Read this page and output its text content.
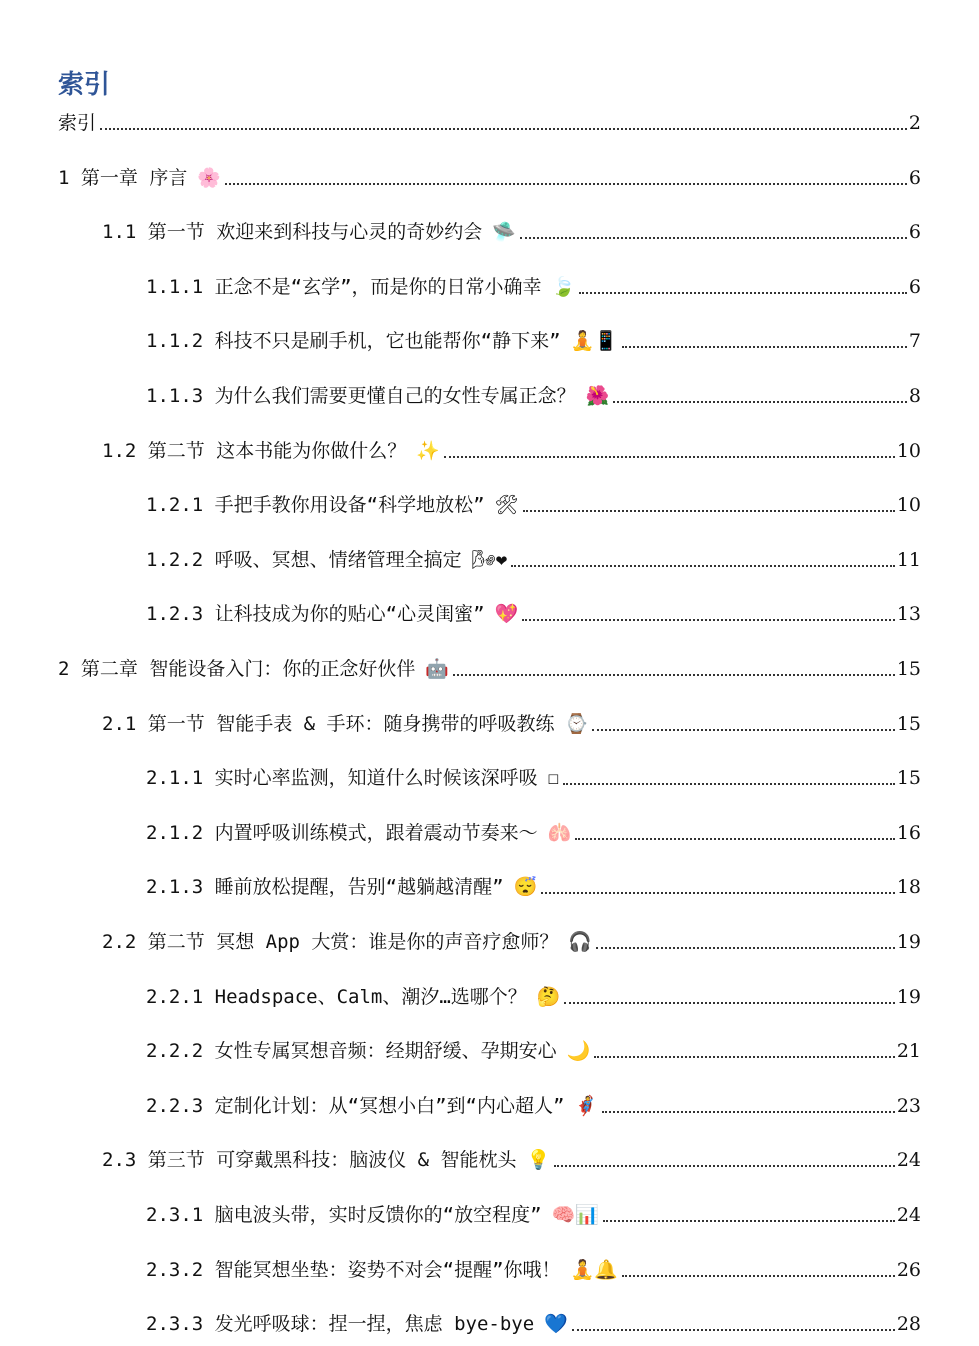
索引
索引	2
1 第一章 序言 🌸	6
1.1 第一节 欢迎来到科技与心灵的奇妙约会 🛸	6
1.1.1 正念不是“玄学”，而是你的日常小确幸 🍃	6
1.1.2 科技不只是刷手机，它也能帮你“静下来” 🧘📱	7
1.1.3 为什么我们需要更懂自己的女性专属正念？ 🌺	8
1.2 第二节 这本书能为你做什么？ ✨	10
1.2.1 手把手教你用设备“科学地放松” 🛠	10
1.2.2 呼吸、冥想、情绪管理全搞定 🌬❤	11
1.2.3 让科技成为你的贴心“心灵闺蜜” 💖	13
2 第二章 智能设备入门：你的正念好伙伴 🤖	15
2.1 第一节 智能手表 & 手环：随身携带的呼吸教练 ⌚	15
2.1.1 实时心率监测，知道什么时候该深呼吸 ☐	15
2.1.2 内置呼吸训练模式，跟着震动节奏来～ 🫁	16
2.1.3 睡前放松提醒，告别“越躺越清醒” 😴	18
2.2 第二节 冥想 App 大赏：谁是你的声音疗愈师？ 🎧	19
2.2.1 Headspace、Calm、潮汐…选哪个？ 🤔	19
2.2.2 女性专属冥想音频：经期舒缓、孕期安心 🌙	21
2.2.3 定制化计划：从“冥想小白”到“内心超人” 🦸	23
2.3 第三节 可穿戴黑科技：脑波仪 & 智能枕头 💡	24
2.3.1 脑电波头带，实时反馈你的“放空程度” 🧠📊	24
2.3.2 智能冥想坐垫：姿势不对会“提醒”你哦！ 🧘🔔	26
2.3.3 发光呼吸球：捏一捏，焦虑 bye-bye 💙	28
